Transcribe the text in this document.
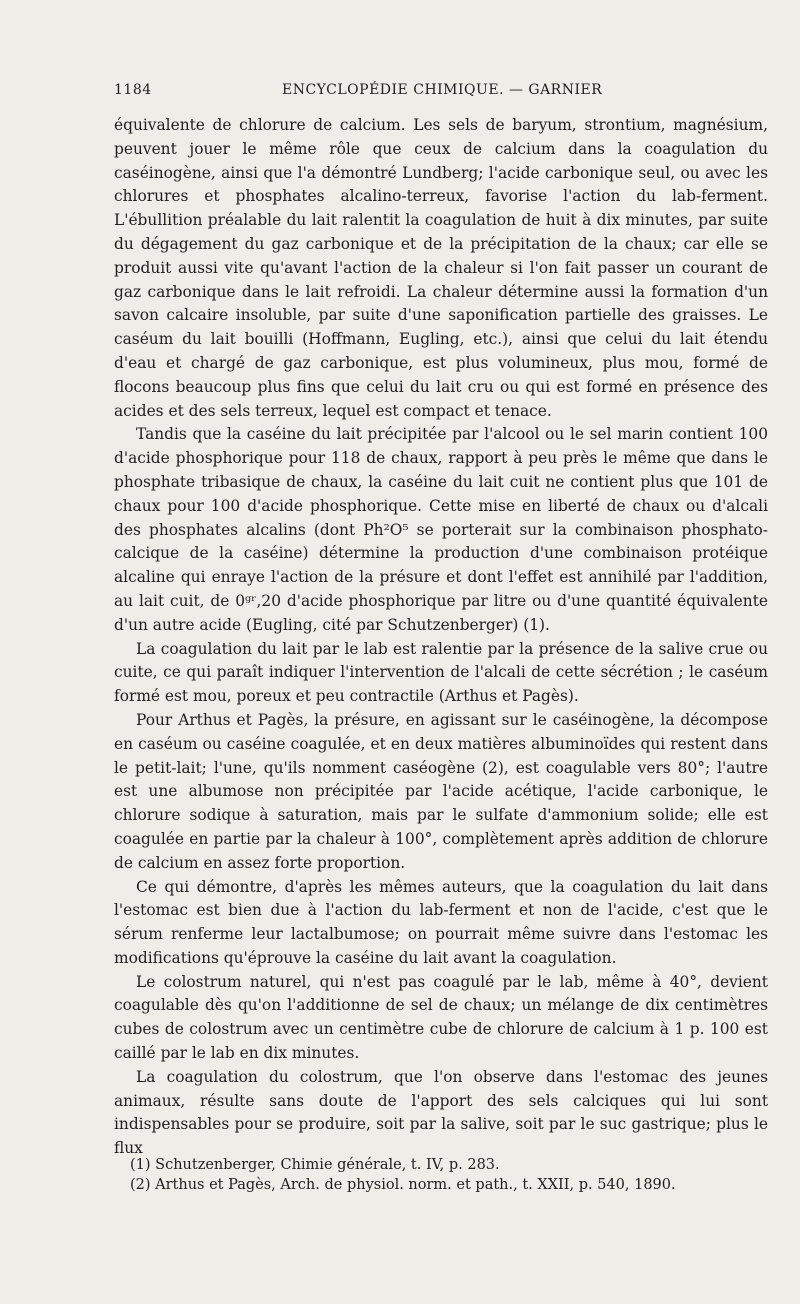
1184	ENCYCLOPÉDIE CHIMIQUE. — GARNIER

équivalente de chlorure de calcium. Les sels de baryum, strontium, magnésium, peuvent jouer le même rôle que ceux de calcium dans la coagulation du caséinogène, ainsi que l'a démontré Lundberg; l'acide carbonique seul, ou avec les chlorures et phosphates alcalino-terreux, favorise l'action du lab-ferment. L'ébullition préalable du lait ralentit la coagulation de huit à dix minutes, par suite du dégagement du gaz carbonique et de la précipitation de la chaux; car elle se produit aussi vite qu'avant l'action de la chaleur si l'on fait passer un courant de gaz carbonique dans le lait refroidi. La chaleur détermine aussi la formation d'un savon calcaire insoluble, par suite d'une saponification partielle des graisses. Le caséum du lait bouilli (Hoffmann, Eugling, etc.), ainsi que celui du lait étendu d'eau et chargé de gaz carbonique, est plus volumineux, plus mou, formé de flocons beaucoup plus fins que celui du lait cru ou qui est formé en présence des acides et des sels terreux, lequel est compact et tenace.

Tandis que la caséine du lait précipitée par l'alcool ou le sel marin contient 100 d'acide phosphorique pour 118 de chaux, rapport à peu près le même que dans le phosphate tribasique de chaux, la caséine du lait cuit ne contient plus que 101 de chaux pour 100 d'acide phosphorique. Cette mise en liberté de chaux ou d'alcali des phosphates alcalins (dont Ph²O⁵ se porterait sur la combinaison phosphato-calcique de la caséine) détermine la production d'une combinaison protéique alcaline qui enraye l'action de la présure et dont l'effet est annihilé par l'addition, au lait cuit, de 0ᵍʳ,20 d'acide phosphorique par litre ou d'une quantité équivalente d'un autre acide (Eugling, cité par Schutzenberger) (1).

La coagulation du lait par le lab est ralentie par la présence de la salive crue ou cuite, ce qui paraît indiquer l'intervention de l'alcali de cette sécrétion ; le caséum formé est mou, poreux et peu contractile (Arthus et Pagès).

Pour Arthus et Pagès, la présure, en agissant sur le caséinogène, la décompose en caséum ou caséine coagulée, et en deux matières albuminoïdes qui restent dans le petit-lait; l'une, qu'ils nomment caséogène (2), est coagulable vers 80°; l'autre est une albumose non précipitée par l'acide acétique, l'acide carbonique, le chlorure sodique à saturation, mais par le sulfate d'ammonium solide; elle est coagulée en partie par la chaleur à 100°, complètement après addition de chlorure de calcium en assez forte proportion.

Ce qui démontre, d'après les mêmes auteurs, que la coagulation du lait dans l'estomac est bien due à l'action du lab-ferment et non de l'acide, c'est que le sérum renferme leur lactalbumose; on pourrait même suivre dans l'estomac les modifications qu'éprouve la caséine du lait avant la coagulation.

Le colostrum naturel, qui n'est pas coagulé par le lab, même à 40°, devient coagulable dès qu'on l'additionne de sel de chaux; un mélange de dix centimètres cubes de colostrum avec un centimètre cube de chlorure de calcium à 1 p. 100 est caillé par le lab en dix minutes.

La coagulation du colostrum, que l'on observe dans l'estomac des jeunes animaux, résulte sans doute de l'apport des sels calciques qui lui sont indispensables pour se produire, soit par la salive, soit par le suc gastrique; plus le flux

(1) Schutzenberger, Chimie générale, t. IV, p. 283.

(2) Arthus et Pagès, Arch. de physiol. norm. et path., t. XXII, p. 540, 1890.
